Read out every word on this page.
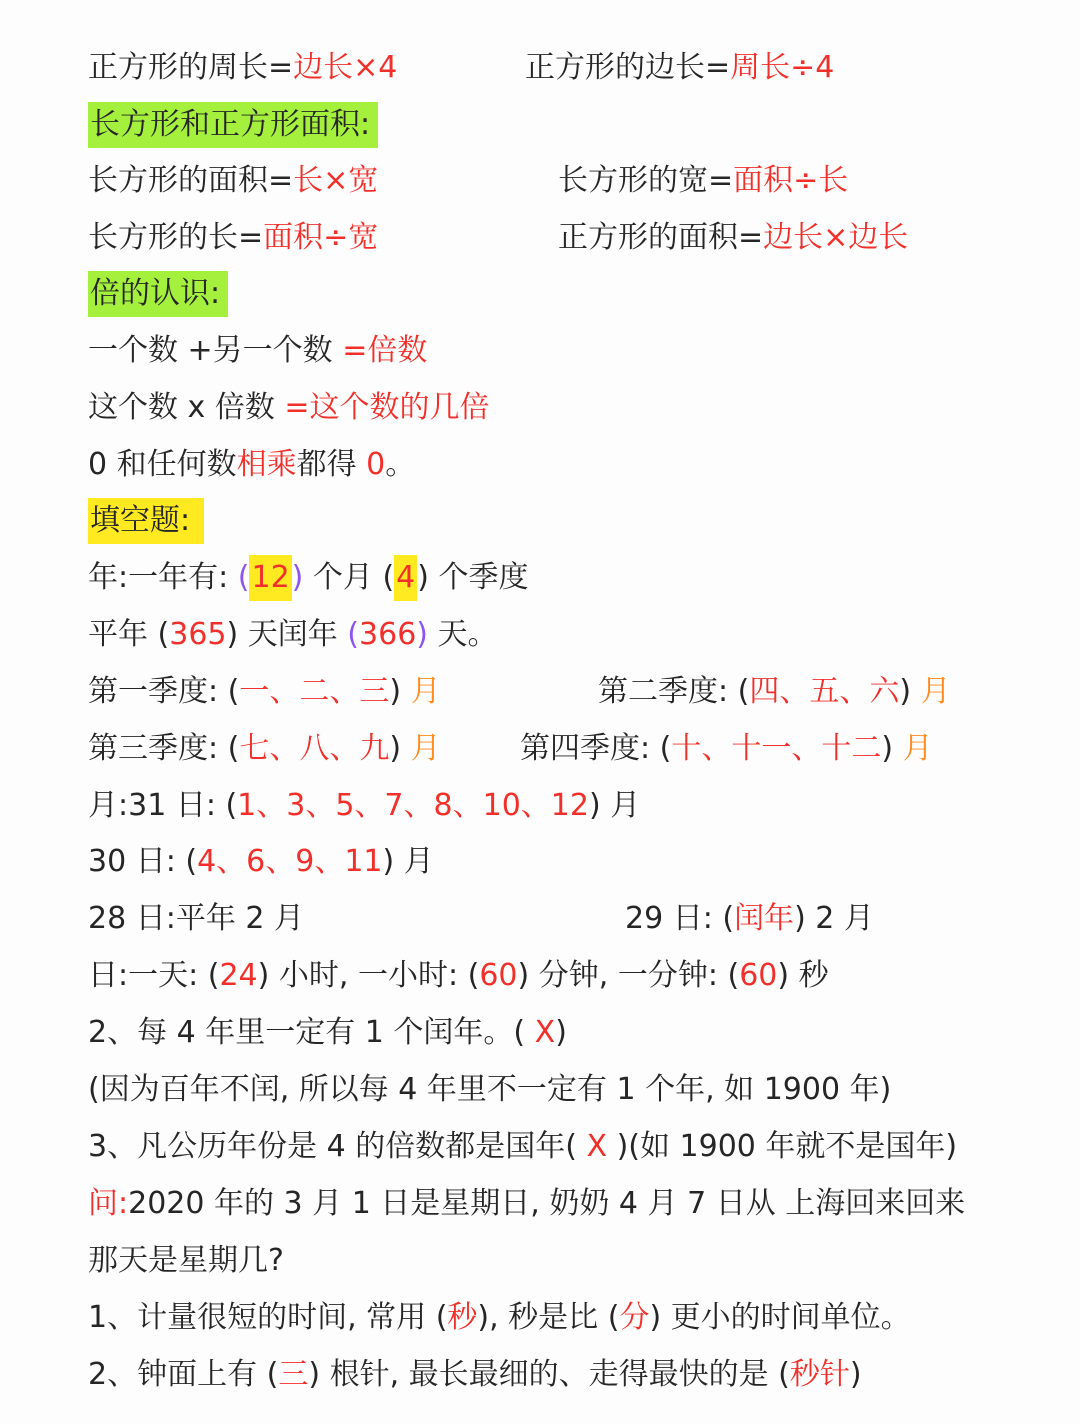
正方形的周长= 边长×4	正方形的边长= 周长÷4
长方形和正方形面积:
长方形的面积= 长×宽	长方形的宽= 面积÷长
长方形的长= 面积÷宽	正方形的面积= 边长×边长
倍的认识:
一个数 +另一个数 =倍数
这个数 x 倍数 =这个数的几倍
0 和任何数 相乘 都得 0 。
填空题:
年:一年有: ( 12 ) 个月 ( 4 ) 个季度
平年 ( 365 ) 天闰年 ( 366 ) 天。
第一季度: ( 一、二、三 ) 月	第二季度: ( 四、五、六 ) 月
第三季度: ( 七、八、九 ) 月	第四季度: ( 十、十一、十二 ) 月
月:31 日: ( 1、3、5、7、8、10、12 ) 月
30 日: ( 4、6、9、11 ) 月
28 日:平年 2 月	29 日: ( 闰年 ) 2 月
日:一天: ( 24 ) 小时, 一小时: ( 60 ) 分钟, 一分钟: ( 60 ) 秒
2、每 4 年里一定有 1 个闰年。( X )
(因为百年不闰, 所以每 4 年里不一定有 1 个年, 如 1900 年)
3、凡公历年份是 4 的倍数都是国年( X )(如 1900 年就不是国年)
问: 2020 年的 3 月 1 日是星期日, 奶奶 4 月 7 日从 上海回来回来
那天是星期几?
1、计量很短的时间, 常用 ( 秒 ), 秒是比 ( 分 ) 更小的时间单位。
2、钟面上有 ( 三 ) 根针, 最长最细的、走得最快的是 ( 秒针 )
